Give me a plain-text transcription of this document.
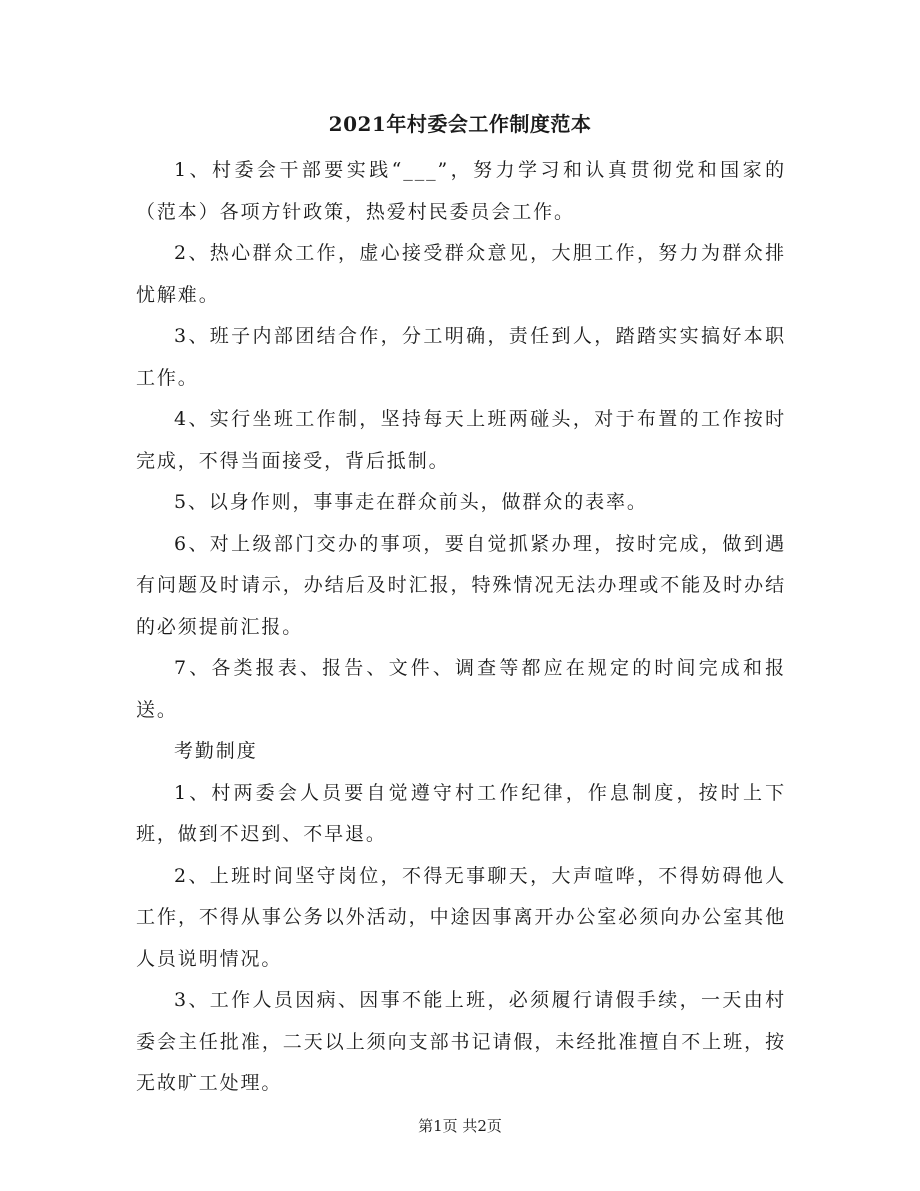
2021年村委会工作制度范本

1、村委会干部要实践“___”，努力学习和认真贯彻党和国家的（范本）各项方针政策，热爱村民委员会工作。

2、热心群众工作，虚心接受群众意见，大胆工作，努力为群众排忧解难。

3、班子内部团结合作，分工明确，责任到人，踏踏实实搞好本职工作。

4、实行坐班工作制，坚持每天上班两碰头，对于布置的工作按时完成，不得当面接受，背后抵制。

5、以身作则，事事走在群众前头，做群众的表率。

6、对上级部门交办的事项，要自觉抓紧办理，按时完成，做到遇有问题及时请示，办结后及时汇报，特殊情况无法办理或不能及时办结的必须提前汇报。

7、各类报表、报告、文件、调查等都应在规定的时间完成和报送。

考勤制度

1、村两委会人员要自觉遵守村工作纪律，作息制度，按时上下班，做到不迟到、不早退。

2、上班时间坚守岗位，不得无事聊天，大声喧哗，不得妨碍他人工作，不得从事公务以外活动，中途因事离开办公室必须向办公室其他人员说明情况。

3、工作人员因病、因事不能上班，必须履行请假手续，一天由村委会主任批准，二天以上须向支部书记请假，未经批准擅自不上班，按无故旷工处理。

第1页 共2页
